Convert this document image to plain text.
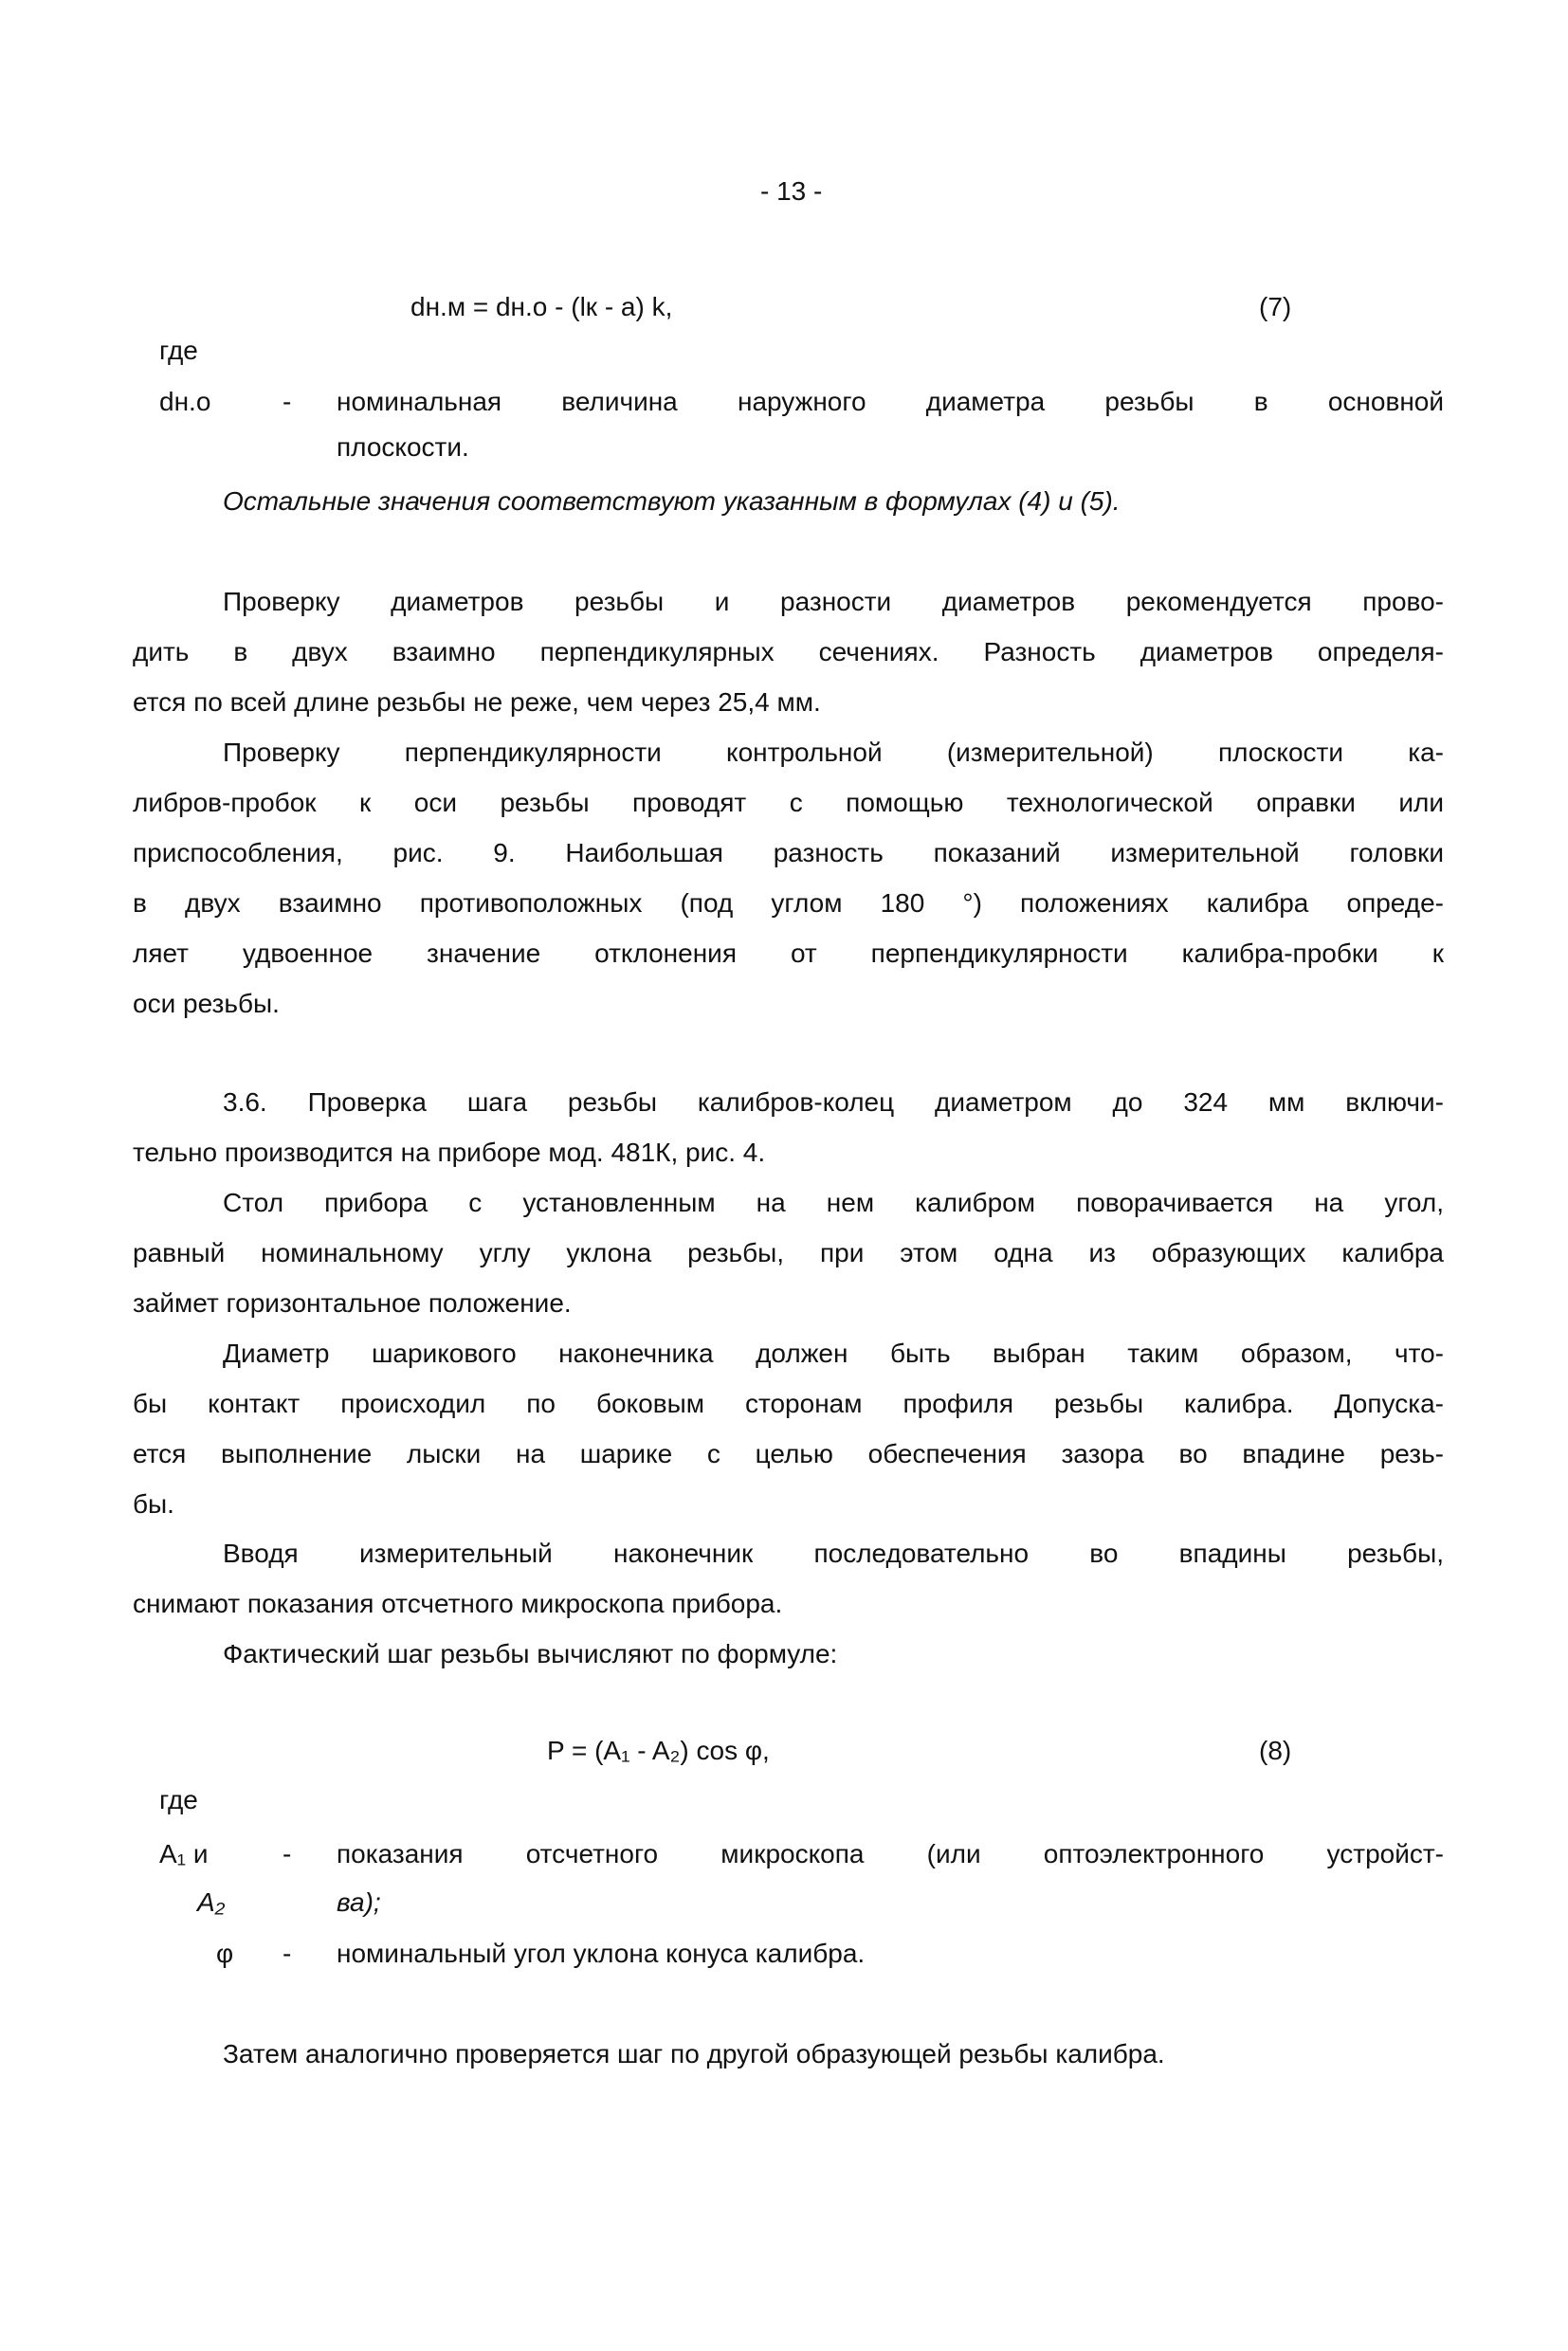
- 13 -
dн.м = dн.о - (lк - а) k,	(7)
где
dн.о	- номинальная величина наружного диаметра резьбы в основной
плоскости.
Остальные значения соответствуют указанным в формулах (4) и (5).
Проверку диаметров резьбы и разности диаметров рекомендуется прово-
дить в двух взаимно перпендикулярных сечениях. Разность диаметров определя-
ется по всей длине резьбы не реже, чем через 25,4 мм.
Проверку перпендикулярности контрольной (измерительной) плоскости ка-
либров-пробок к оси резьбы проводят с помощью технологической оправки или
приспособления, рис. 9. Наибольшая разность показаний измерительной головки
в двух взаимно противоположных (под углом 180 °) положениях калибра опреде-
ляет удвоенное значение отклонения от перпендикулярности калибра-пробки к
оси резьбы.
3.6. Проверка шага резьбы калибров-колец диаметром до 324 мм включи-
тельно производится на приборе мод. 481К, рис. 4.
Стол прибора с установленным на нем калибром поворачивается на угол,
равный номинальному углу уклона резьбы, при этом одна из образующих калибра
займет горизонтальное положение.
Диаметр шарикового наконечника должен быть выбран таким образом, что-
бы контакт происходил по боковым сторонам профиля резьбы калибра. Допуска-
ется выполнение лыски на шарике с целью обеспечения зазора во впадине резь-
бы.
Вводя измерительный наконечник последовательно во впадины резьбы,
снимают показания отсчетного микроскопа прибора.
Фактический шаг резьбы вычисляют по формуле:
P = (A₁ - A₂) cos φ,	(8)
где
A₁ и	- показания отсчетного микроскопа (или оптоэлектронного устройст-
A₂	ва);
φ - номинальный угол уклона конуса калибра.
Затем аналогично проверяется шаг по другой образующей резьбы калибра.
